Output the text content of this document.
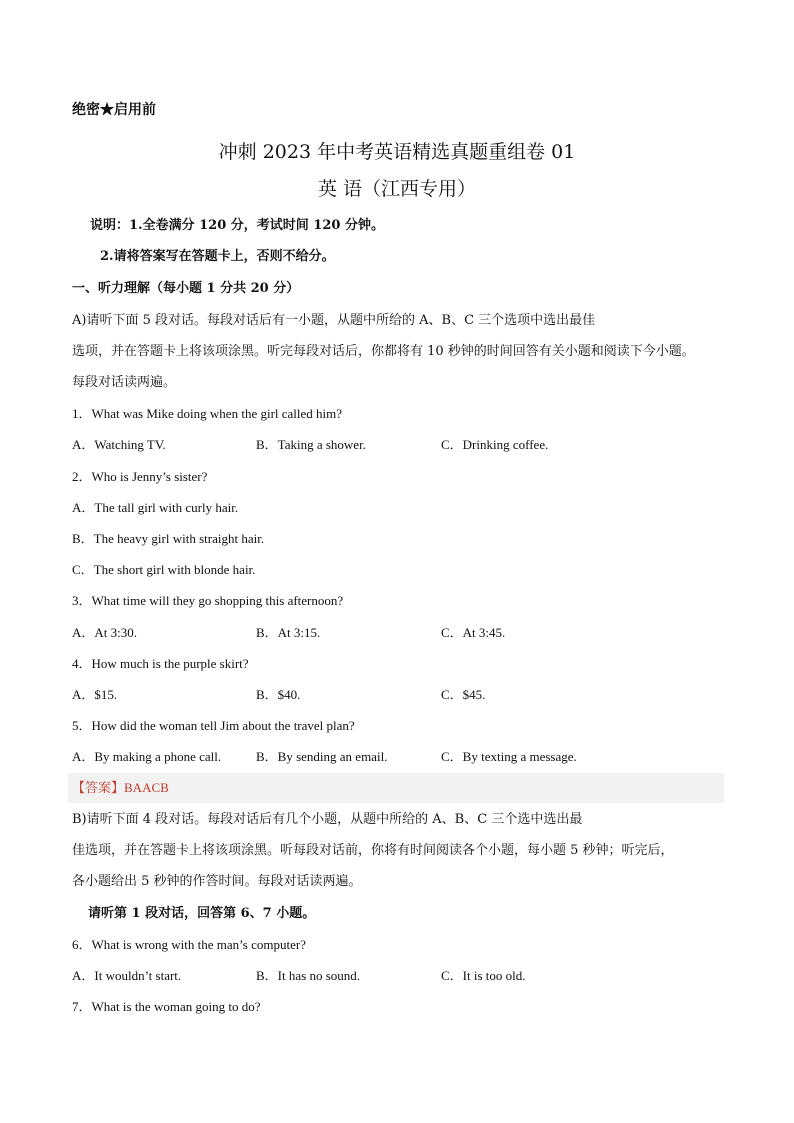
绝密★启用前
冲刺 2023 年中考英语精选真题重组卷 01
英 语（江西专用）
说明：1.全卷满分 120 分，考试时间 120 分钟。
2.请将答案写在答题卡上，否则不给分。
一、听力理解（每小题 1 分共 20 分）
A)请听下面 5 段对话。每段对话后有一小题，从题中所给的 A、B、C 三个选项中选出最佳
选项，并在答题卡上将该项涂黑。听完每段对话后，你都将有 10 秒钟的时间回答有关小题和阅读下今小题。
每段对话读两遍。
1．What was Mike doing when the girl called him?
A．Watching TV.	B．Taking a shower.	C．Drinking coffee.
2．Who is Jenny’s sister?
A．The tall girl with curly hair.
B．The heavy girl with straight hair.
C．The short girl with blonde hair.
3．What time will they go shopping this afternoon?
A．At 3:30.	B．At 3:15.	C．At 3:45.
4．How much is the purple skirt?
A．$15.	B．$40.	C．$45.
5．How did the woman tell Jim about the travel plan?
A．By making a phone call.	B．By sending an email.	C．By texting a message.
【答案】BAACB
B)请听下面 4 段对话。每段对话后有几个小题，从题中所给的 A、B、C 三个选中选出最
佳选项，并在答题卡上将该项涂黑。听每段对话前，你将有时间阅读各个小题，每小题 5 秒钟；听完后，
各小题给出 5 秒钟的作答时间。每段对话读两遍。
请听第 1 段对话，回答第 6、7 小题。
6．What is wrong with the man’s computer?
A．It wouldn’t start.	B．It has no sound.	C．It is too old.
7．What is the woman going to do?
